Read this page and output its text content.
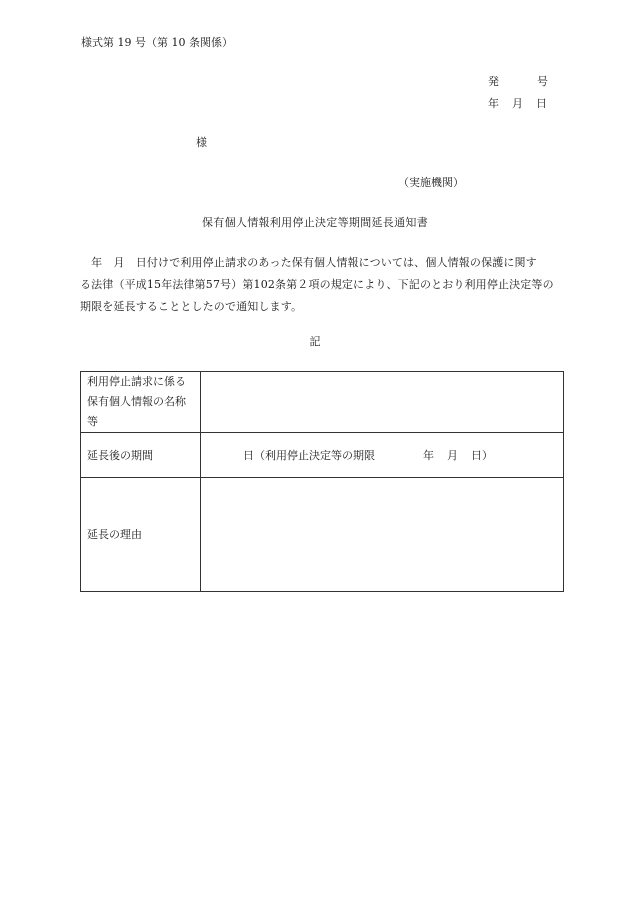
様式第 19 号（第 10 条関係）
発	号
年 月 日
様
（実施機関）
保有個人情報利用停止決定等期間延長通知書
　年　月　日付けで利用停止請求のあった保有個人情報については、個人情報の保護に関す
る法律（平成15年法律第57号）第102条第２項の規定により、下記のとおり利用停止決定等の
期限を延長することとしたので通知します。
記
利用停止請求に係る
保有個人情報の名称
等	

延長後の期間	日（利用停止決定等の期限 年 月 日）
延長の理由	
